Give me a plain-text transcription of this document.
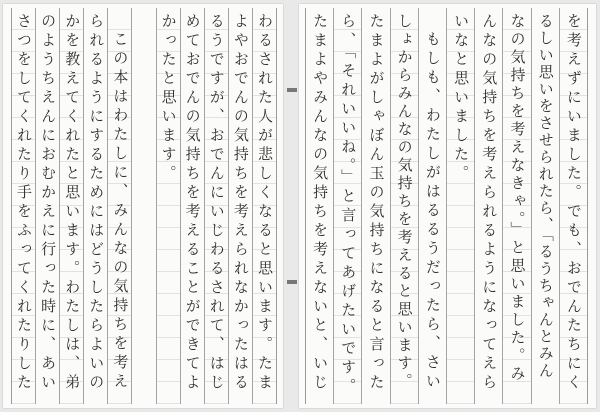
わるされた人が悲しくなると思います。たま
よやおでんの気持ちを考えられなかったはる
るうですが、おでんにいじわるされて、はじ
めておでんの気持ちを考えることができてよ
かったと思います。
この本はわたしに、みんなの気持ちを考え
られるようにするためにはどうしたらよいの
かを教えてくれたと思います。わたしは、弟
のようちえんにおむかえに行った時に、あい
さつをしてくれたり手をふってくれたりした	を考えずにいました。でも、おでんたちにく
るしい思いをさせられたら、「るうちゃんとみん
なの気持ちを考えなきゃ。」と思いました。み
んなの気持ちを考えられるようになってえら
いなと思いました。
もしも、わたしがはるるうだったら、さい
しょからみんなの気持ちを考えると思います。
たまよがしゃぼん玉の気持ちになると言った
ら、「それいいね。」と言ってあげたいです。
たまよやみんなの気持ちを考えないと、いじ
